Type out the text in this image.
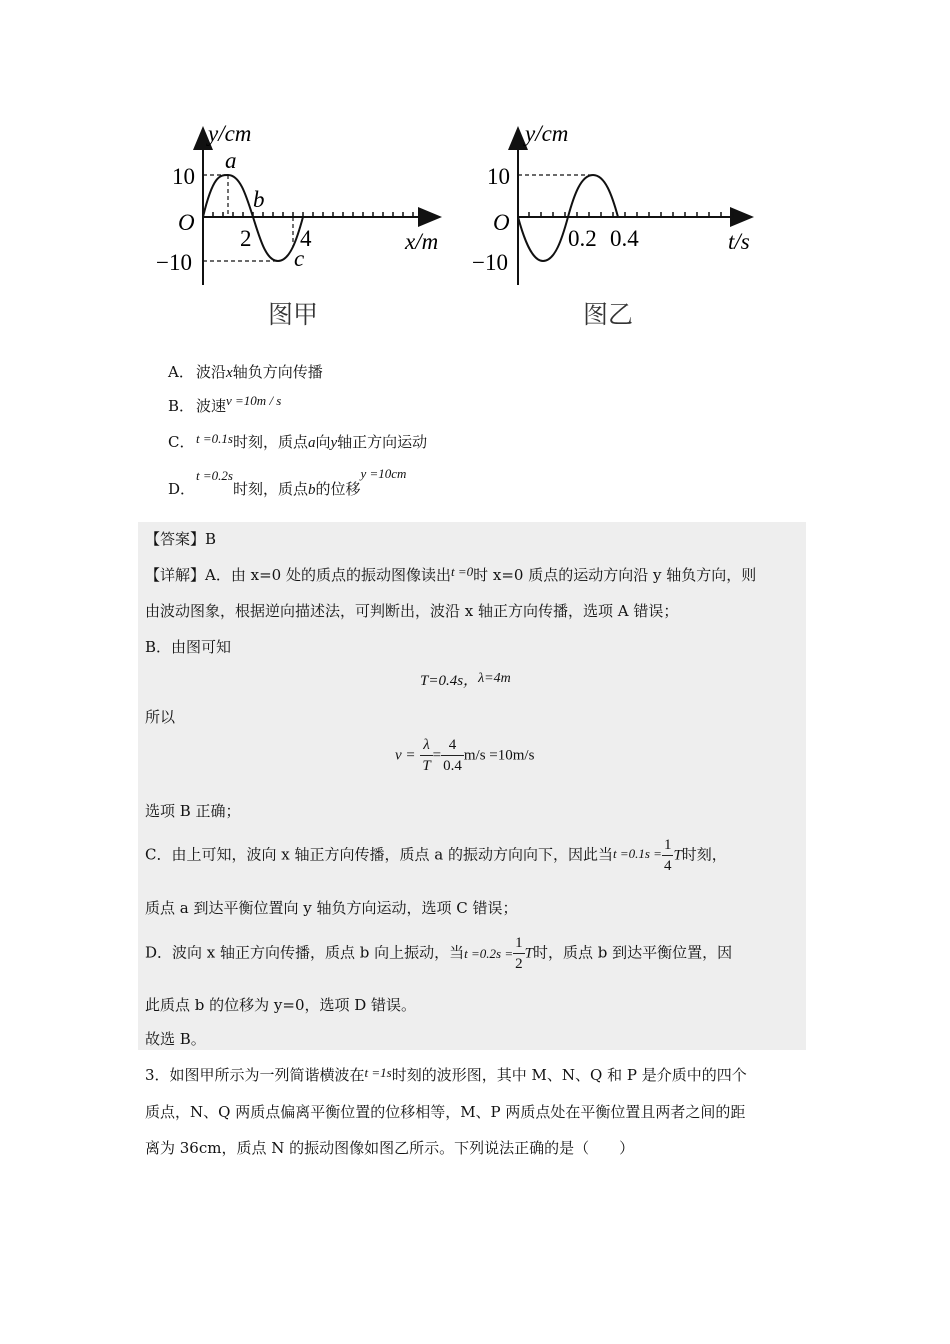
y/cm
10
O
−10
a
b
2 4
c
x/m
图甲
y/cm
10
O
−10
0.2 0.4	t/s
图乙
A． 波沿x轴负方向传播
B． 波速v =10m / s
C． t =0.1s时刻，质点a向y轴正方向运动
D．t =0.2s时刻，质点b的位移y =10cm
【答案】B
【详解】A．由 x=0 处的质点的振动图像读出t =0时 x=0 质点的运动方向沿 y 轴负方向，则
由波动图象，根据逆向描述法，可判断出，波沿 x 轴正方向传播，选项 A 错误；
B．由图可知
T=0.4s，λ=4m
所以
$v = \frac{\lambda}{T} = \frac{4}{0.4} m/s =10m/s$
选项 B 正确；
C．由上可知，波向 x 轴正方向传播，质点 a 的振动方向向下，因此当$t =0.1s = \frac{1}{4}$ T时刻，
质点 a 到达平衡位置向 y 轴负方向运动，选项 C 错误；
D．波向 x 轴正方向传播，质点 b 向上振动，当$t =0.2s = \frac{1}{2}$ T时，质点 b 到达平衡位置，因
此质点 b 的位移为 y=0，选项 D 错误。
故选 B。
3．如图甲所示为一列简谐横波在t =1s时刻的波形图，其中 M、N、Q 和 P 是介质中的四个
质点，N、Q 两质点偏离平衡位置的位移相等，M、P 两质点处在平衡位置且两者之间的距
离为 36cm，质点 N 的振动图像如图乙所示。下列说法正确的是（　　）
